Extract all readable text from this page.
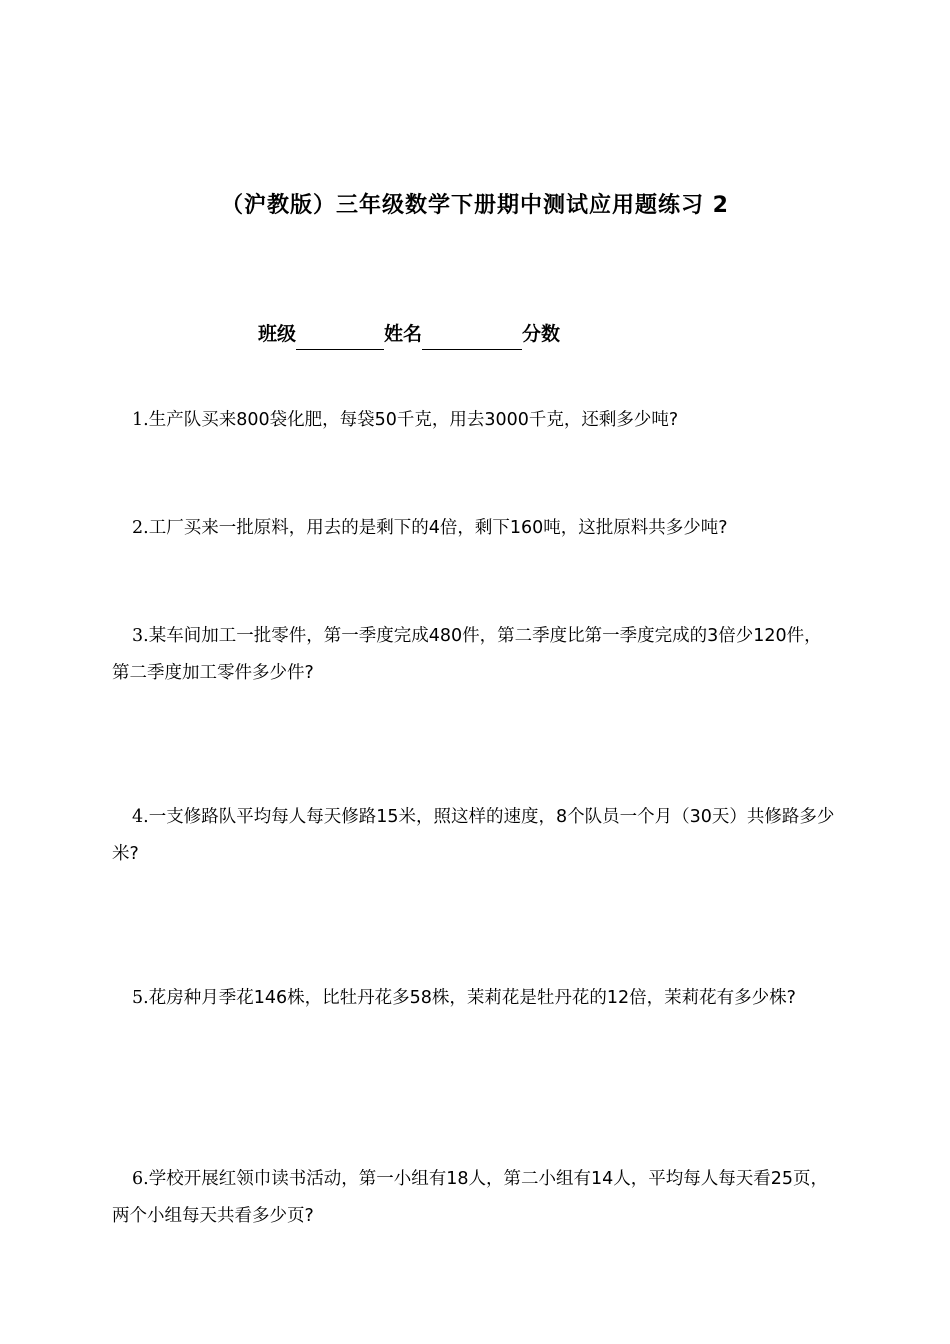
（沪教版）三年级数学下册期中测试应用题练习 2
班级	姓名	分数
1.生产队买来800袋化肥，每袋50千克，用去3000千克，还剩多少吨?
2.工厂买来一批原料，用去的是剩下的4倍，剩下160吨，这批原料共多少吨?
3.某车间加工一批零件，第一季度完成480件，第二季度比第一季度完成的3倍少120件，第二季度加工零件多少件?
4.一支修路队平均每人每天修路15米，照这样的速度，8个队员一个月（30天）共修路多少米?
5.花房种月季花146株，比牡丹花多58株，茉莉花是牡丹花的12倍，茉莉花有多少株?
6.学校开展红领巾读书活动，第一小组有18人，第二小组有14人，平均每人每天看25页，两个小组每天共看多少页?
